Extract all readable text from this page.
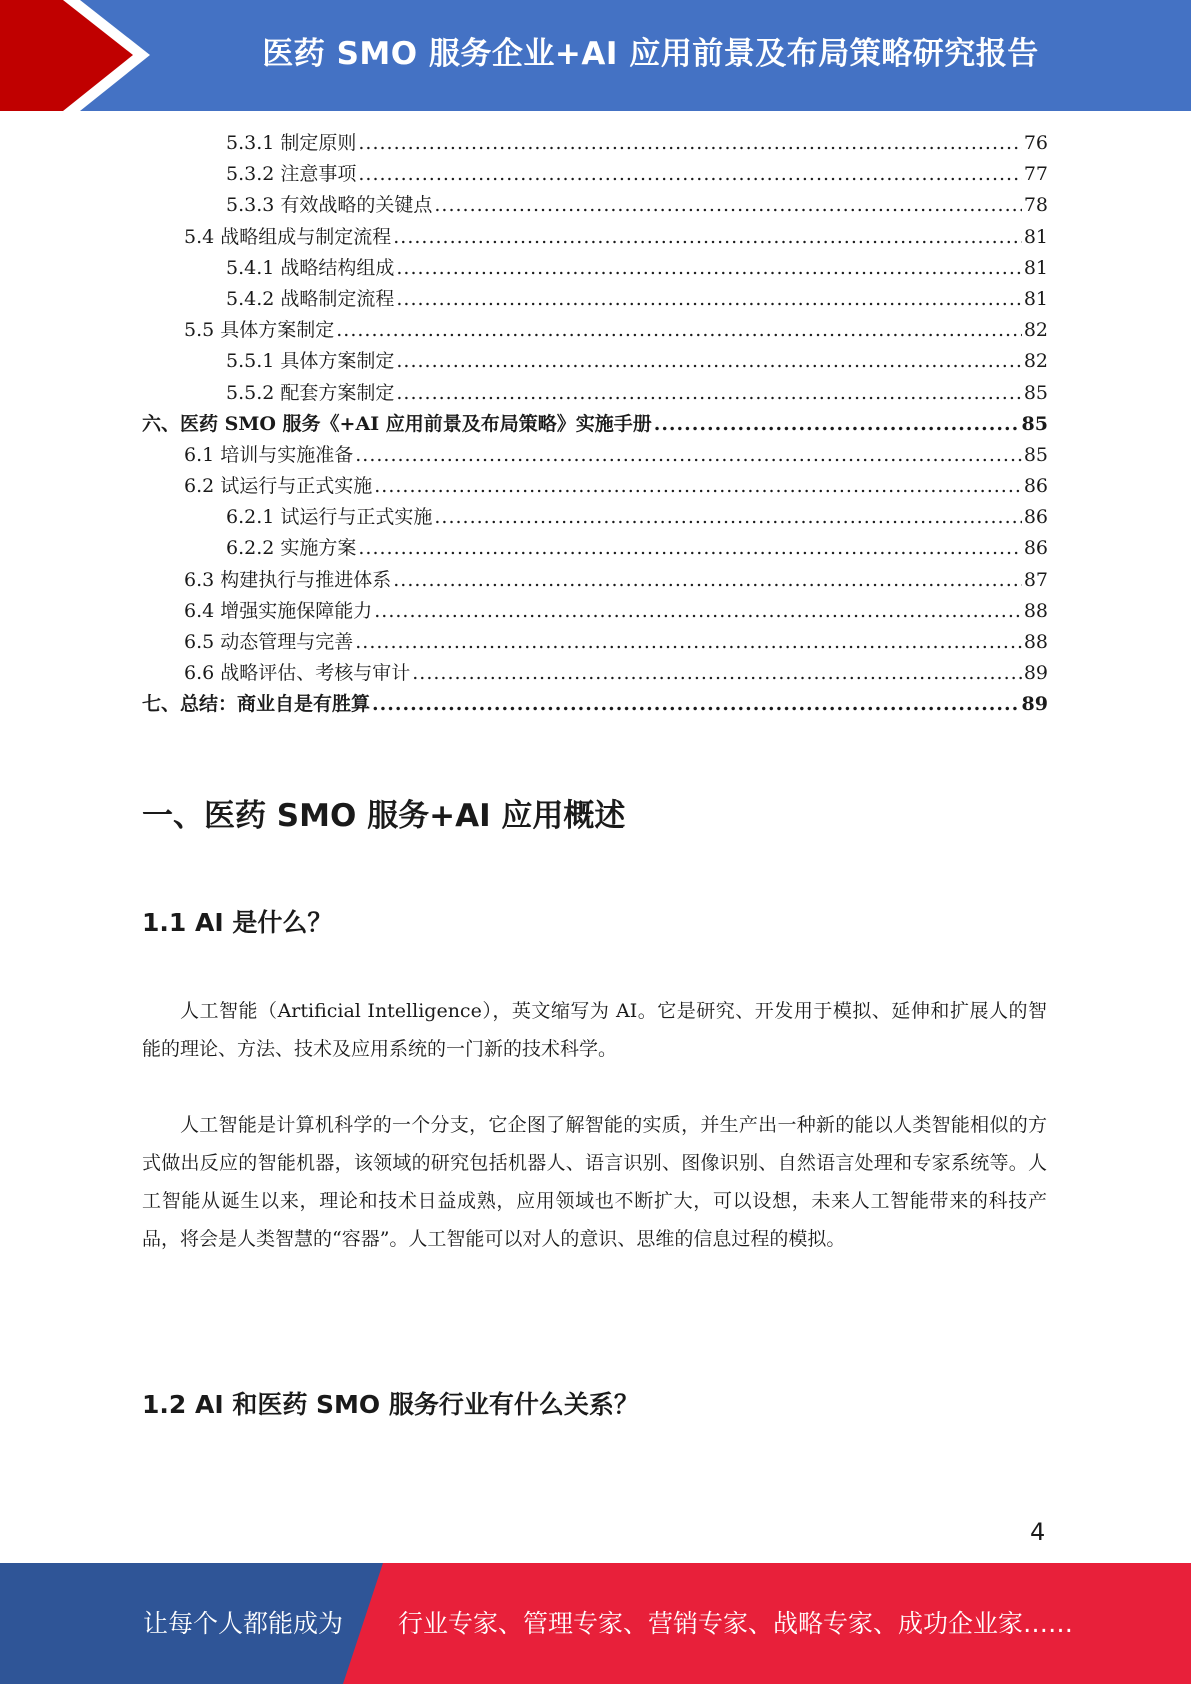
医药 SMO 服务企业+AI 应用前景及布局策略研究报告
5.3.1 制定原则 .....	76
5.3.2 注意事项 .....	77
5.3.3 有效战略的关键点 .....	78
5.4 战略组成与制定流程 .....	81
5.4.1 战略结构组成 .....	81
5.4.2 战略制定流程 .....	81
5.5 具体方案制定 .....	82
5.5.1 具体方案制定 .....	82
5.5.2 配套方案制定 .....	85
六、医药 SMO 服务《+AI 应用前景及布局策略》实施手册 .....	85
6.1 培训与实施准备 .....	85
6.2 试运行与正式实施 .....	86
6.2.1 试运行与正式实施 .....	86
6.2.2 实施方案 .....	86
6.3 构建执行与推进体系 .....	87
6.4 增强实施保障能力 .....	88
6.5 动态管理与完善 .....	88
6.6 战略评估、考核与审计 .....	89
七、总结：商业自是有胜算 .....	89
一、医药 SMO 服务+AI 应用概述
1.1 AI 是什么？

人工智能（Artificial Intelligence），英文缩写为 AI。它是研究、开发用于模拟、延伸和扩展人的智能的理论、方法、技术及应用系统的一门新的技术科学。

人工智能是计算机科学的一个分支，它企图了解智能的实质，并生产出一种新的能以人类智能相似的方式做出反应的智能机器，该领域的研究包括机器人、语言识别、图像识别、自然语言处理和专家系统等。人工智能从诞生以来，理论和技术日益成熟，应用领域也不断扩大，可以设想，未来人工智能带来的科技产品，将会是人类智慧的“容器”。人工智能可以对人的意识、思维的信息过程的模拟。

1.2 AI 和医药 SMO 服务行业有什么关系？
4
让每个人都能成为 行业专家、管理专家、营销专家、战略专家、成功企业家……
